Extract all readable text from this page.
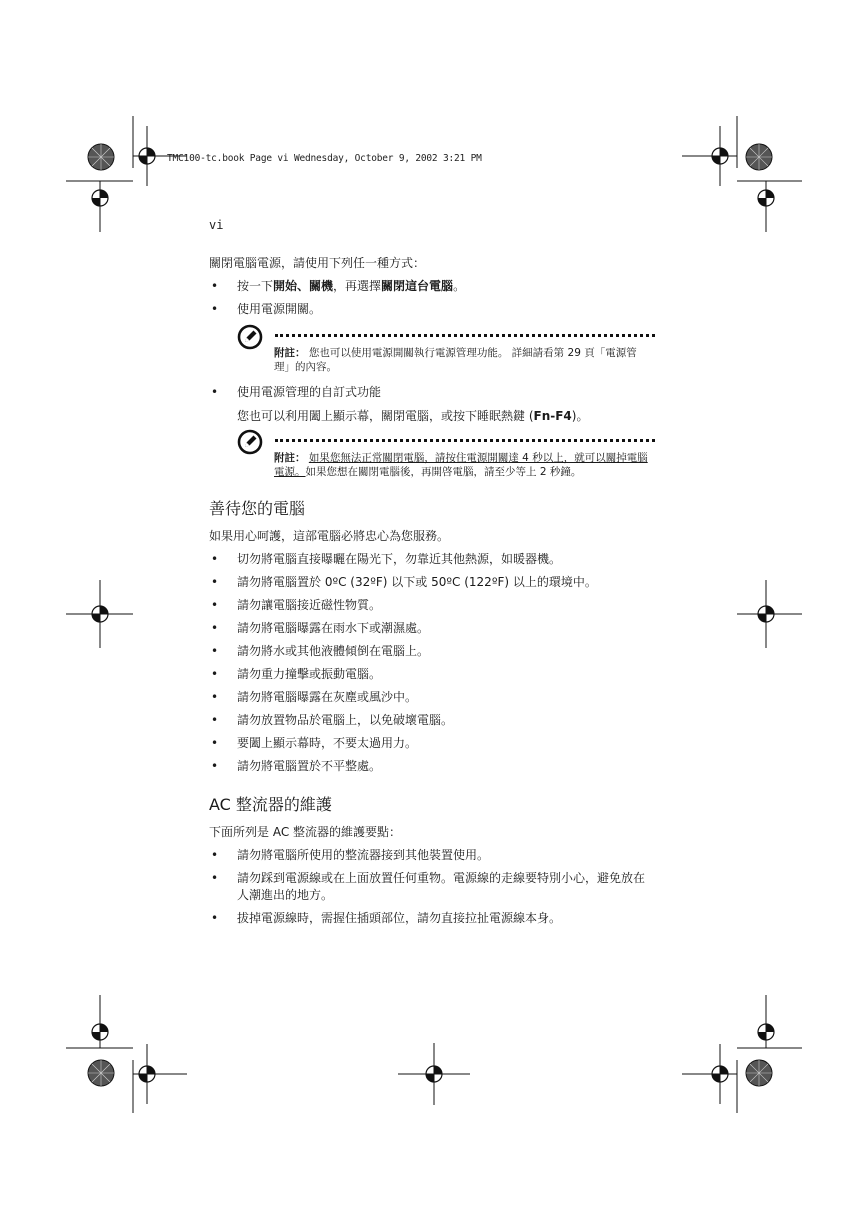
TMC100-tc.book Page vi Wednesday, October 9, 2002 3:21 PM
vi

關閉電腦電源，請使用下列任一種方式：

• 按一下開始、關機，再選擇關閉這台電腦。
• 使用電源開關。
附註： 您也可以使用電源開關執行電源管理功能。 詳細請看第 29 頁「電源管理」的內容。
• 使用電源管理的自訂式功能
您也可以利用闔上顯示幕，關閉電腦，或按下睡眠熱鍵 (Fn-F4)。
附註： 如果您無法正常關閉電腦，請按住電源開關達 4 秒以上，就可以關掉電腦電源。如果您想在關閉電腦後，再開啓電腦，請至少等上 2 秒鐘。
善待您的電腦

如果用心呵護，這部電腦必將忠心為您服務。

• 切勿將電腦直接曝曬在陽光下，勿靠近其他熱源，如暖器機。
• 請勿將電腦置於 0ºC (32ºF) 以下或 50ºC (122ºF) 以上的環境中。
• 請勿讓電腦接近磁性物質。
• 請勿將電腦曝露在雨水下或潮濕處。
• 請勿將水或其他液體傾倒在電腦上。
• 請勿重力撞擊或振動電腦。
• 請勿將電腦曝露在灰塵或風沙中。
• 請勿放置物品於電腦上，以免破壞電腦。
• 要闔上顯示幕時，不要太過用力。
• 請勿將電腦置於不平整處。
AC 整流器的維護

下面所列是 AC 整流器的維護要點：

• 請勿將電腦所使用的整流器接到其他裝置使用。
• 請勿踩到電源線或在上面放置任何重物。電源線的走線要特別小心，避免放在人潮進出的地方。
• 拔掉電源線時，需握住插頭部位，請勿直接拉扯電源線本身。
